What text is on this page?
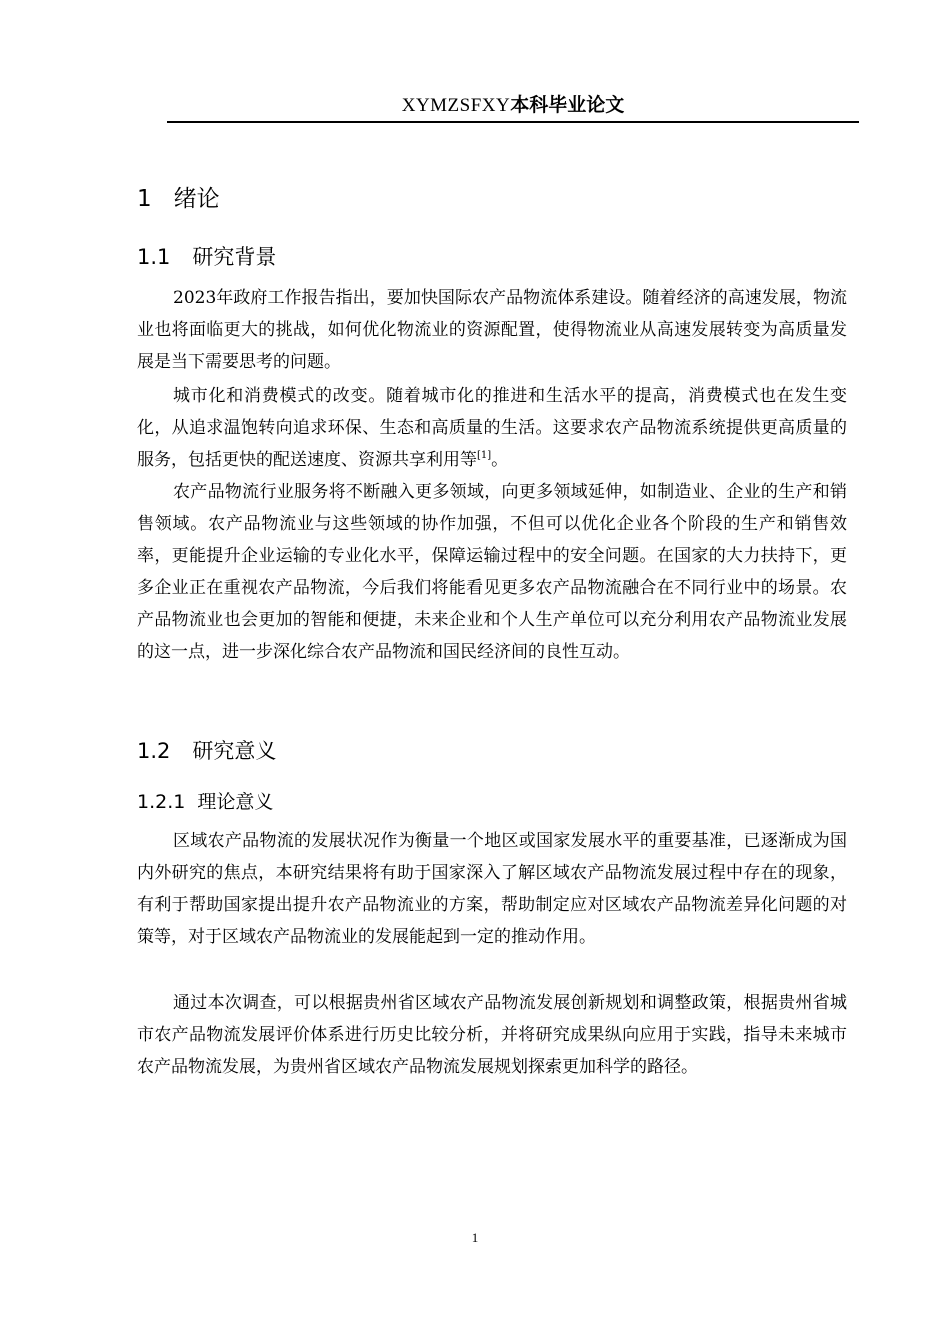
XYMZSFXY本科毕业论文
1 绪论
1.1 研究背景

2023年政府工作报告指出，要加快国际农产品物流体系建设。随着经济的高速发展，物流业也将面临更大的挑战，如何优化物流业的资源配置，使得物流业从高速发展转变为高质量发展是当下需要思考的问题。

城市化和消费模式的改变。随着城市化的推进和生活水平的提高，消费模式也在发生变化，从追求温饱转向追求环保、生态和高质量的生活。这要求农产品物流系统提供更高质量的服务，包括更快的配送速度、资源共享利用等[1]。

农产品物流行业服务将不断融入更多领域，向更多领域延伸，如制造业、企业的生产和销售领域。农产品物流业与这些领域的协作加强，不但可以优化企业各个阶段的生产和销售效率，更能提升企业运输的专业化水平，保障运输过程中的安全问题。在国家的大力扶持下，更多企业正在重视农产品物流，今后我们将能看见更多农产品物流融合在不同行业中的场景。农产品物流业也会更加的智能和便捷，未来企业和个人生产单位可以充分利用农产品物流业发展的这一点，进一步深化综合农产品物流和国民经济间的良性互动。

1.2 研究意义
1.2.1 理论意义

区域农产品物流的发展状况作为衡量一个地区或国家发展水平的重要基准，已逐渐成为国内外研究的焦点，本研究结果将有助于国家深入了解区域农产品物流发展过程中存在的现象，有利于帮助国家提出提升农产品物流业的方案，帮助制定应对区域农产品物流差异化问题的对策等，对于区域农产品物流业的发展能起到一定的推动作用。

通过本次调查，可以根据贵州省区域农产品物流发展创新规划和调整政策，根据贵州省城市农产品物流发展评价体系进行历史比较分析，并将研究成果纵向应用于实践，指导未来城市农产品物流发展，为贵州省区域农产品物流发展规划探索更加科学的路径。

1
